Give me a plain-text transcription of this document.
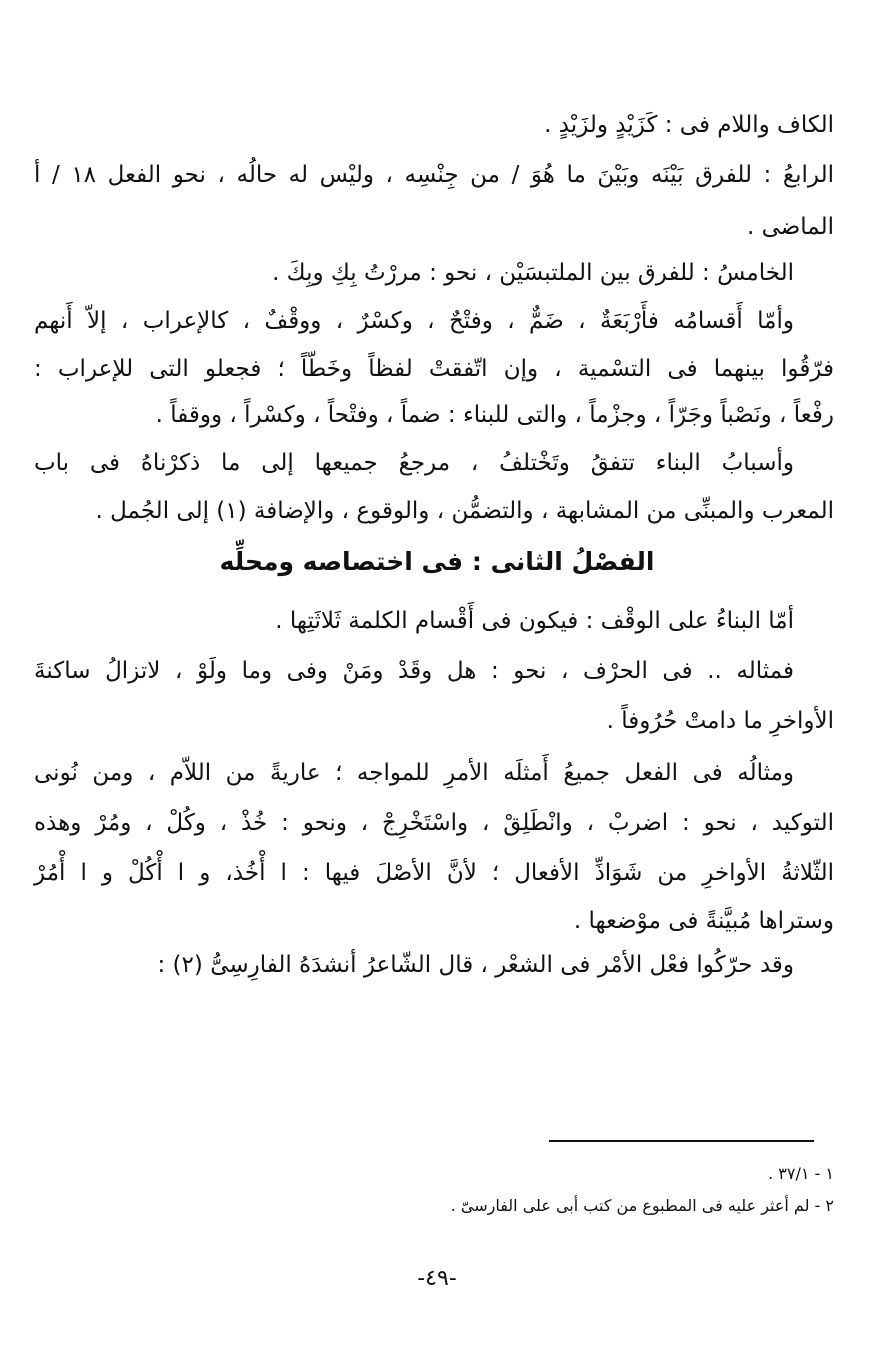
الكاف واللام فى : كَزَيْدٍ ولزَيْدٍ .
الرابعُ : للفرق بَيْنَه وبَيْنَ ما هُوَ / من جِنْسِه ، وليْس له حالُه ، نحو الفعل ١٨ / أ
الماضى .
الخامسُ : للفرق بين الملتبسَيْن ، نحو : مررْتُ بِكِ وبِكَ .
وأمّا أَقسامُه فأَرْبَعَةٌ ، ضَمٌّ ، وفتْحٌ ، وكسْرٌ ، ووقْفٌ ، كالإعراب ، إلاّ أَنهم
فرّقُوا بينهما فى التسْمية ، وإن اتّفقتْ لفظاً وخَطّاً ؛ فجعلو التى للإعراب :
رفْعاً ، ونَصْباً وجَرّاً ، وجزْماً ، والتى للبناء : ضماً ، وفتْحاً ، وكسْراً ، ووقفاً .
وأسبابُ البناء تتفقُ وتَخْتلفُ ، مرجعُ جميعها إلى ما ذكرْناهُ فى باب
المعرب والمبنِّى من المشابهة ، والتضمُّن ، والوقوع ، والإضافة (١) إلى الجُمل .
الفصْلُ الثانى : فى اختصاصه ومحلِّه
أمّا البناءُ على الوقْف : فيكون فى أَقْسام الكلمة ثَلاثَتِها .
فمثاله .. فى الحرْف ، نحو : هل وقَدْ ومَنْ وفى وما ولَوْ ، لاتزالُ ساكنةَ
الأواخرِ ما دامتْ حُرُوفاً .
ومثالُه فى الفعل جميعُ أَمثلَه الأمرِ للمواجه ؛ عاريةً من اللاّم ، ومن نُونى
التوكيد ، نحو : اضربْ ، وانْطَلِقْ ، واسْتَخْرِجْ ، ونحو : خُذْ ، وكُلْ ، ومُرْ وهذه
الثّلاثةُ الأواخرِ من شَوَاذِّ الأفعال ؛ لأنَّ الأصْلَ فيها : ا أْخُذ، و ا أْكُلْ و ا أْمُرْ
وستراها مُبيَّنةً فى موْضعها .
وقد حرّكُوا فعْل الأمْر فى الشعْر ، قال الشّاعرُ أنشدَهُ الفارِسِىُّ (٢) :
١ - ٣٧/١ .
٢ - لم أعثر عليه فى المطبوع من كتب أبى على الفارسىّ .
-٤٩-
